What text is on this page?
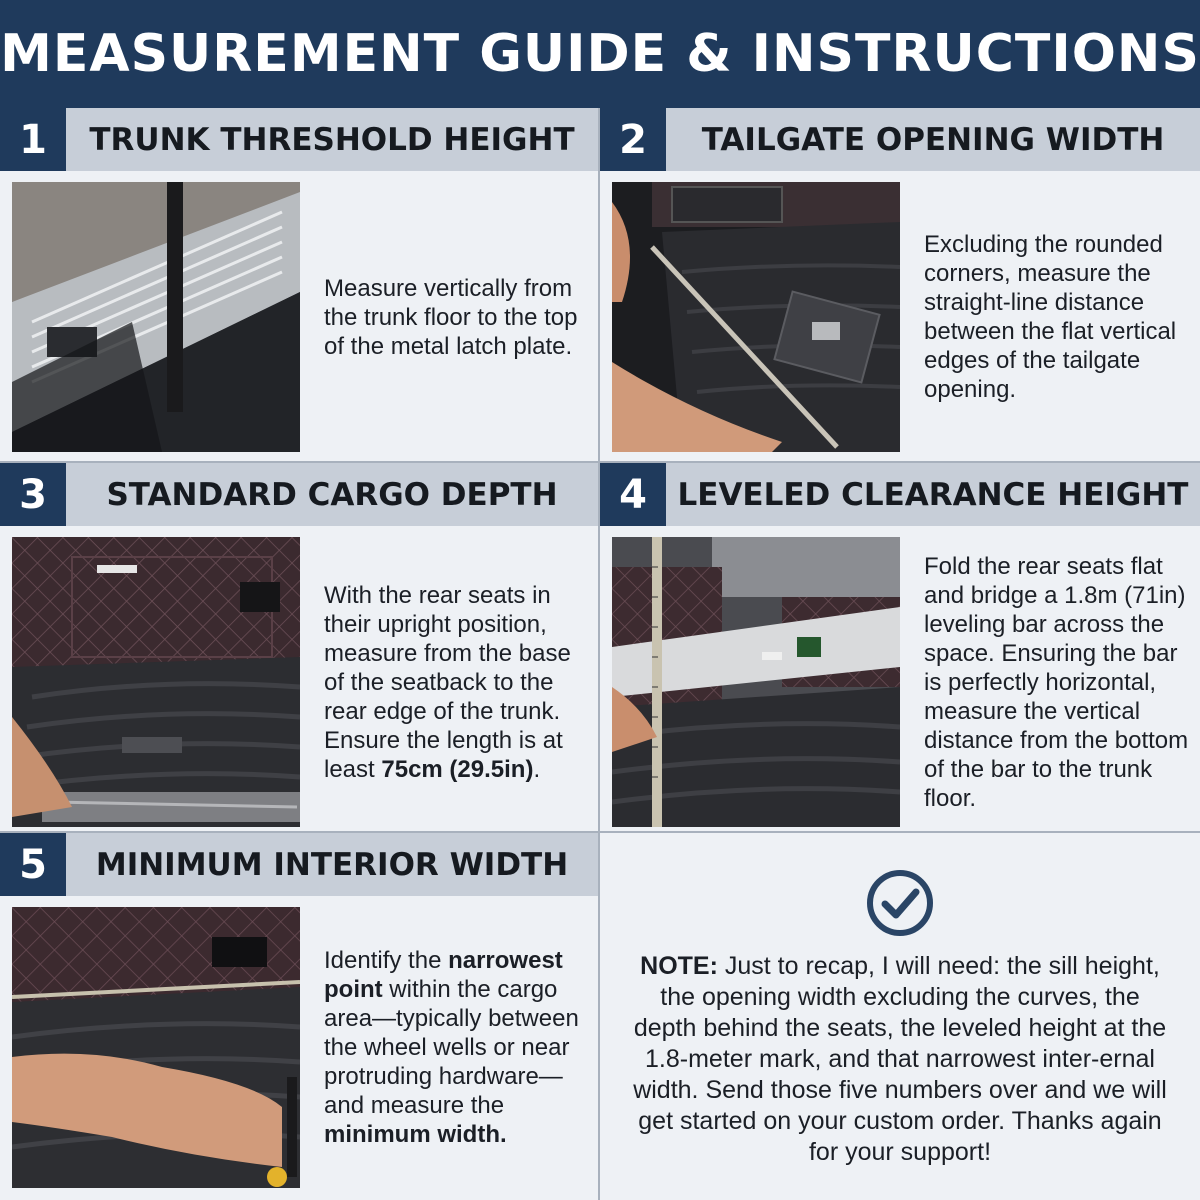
MEASUREMENT GUIDE & INSTRUCTIONS
1	TRUNK THRESHOLD HEIGHT
Measure vertically from the trunk floor to the top of the metal latch plate.
2	TAILGATE OPENING WIDTH
Excluding the rounded corners, measure the straight-line distance between the flat vertical edges of the tailgate opening.
3	STANDARD CARGO DEPTH
With the rear seats in their upright position, measure from the base of the seatback to the rear edge of the trunk. Ensure the length is at least 75cm (29.5in).
4 LEVELED CLEARANCE HEIGHT
Fold the rear seats flat and bridge a 1.8m (71in) leveling bar across the space. Ensuring the bar is perfectly horizontal, measure the vertical distance from the bottom of the bar to the trunk floor.
5	MINIMUM INTERIOR WIDTH
Identify the narrowest point within the cargo area—typically between the wheel wells or near protruding hardware—and measure the minimum width.
NOTE: Just to recap, I will need: the sill height, the opening width excluding the curves, the depth behind the seats, the leveled height at the 1.8-meter mark, and that narrowest inter-ernal width. Send those five numbers over and we will get started on your custom order. Thanks again for your support!
